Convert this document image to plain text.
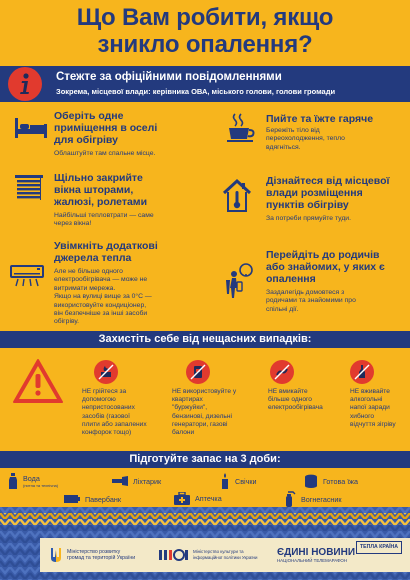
Що Вам робити, якщо
зникло опалення?
Стежте за офіційними повідомленнями
Зокрема, місцевої влади: керівника ОВА, міського голови, голови громади
Оберіть одне
приміщення в оселі
для обігріву
Облаштуйте там спальне місце.
Пийте та їжте гаряче
Бережіть тіло від
переохолодження, тепло
вдягніться.
Щільно закрийте
вікна шторами,
жалюзі, ролетами
Найбільші тепловтрати — саме
через вікна!
Дізнайтеся від місцевої
влади розміщення
пунктів обігріву
За потреби прямуйте туди.
Увімкніть додаткові
джерела тепла
Але не більше одного
електрообігрівача — може не
витримати мережа.
Якщо на вулиці вище за 0°C —
використовуйте кондиціонер,
він безпечніше за інші засоби
обігріву.
Перейдіть до родичів
або знайомих, у яких є
опалення
Заздалегідь домовтеся з
родичами та знайомими про
спільні дії.
Захистіть себе від нещасних випадків:
НЕ грійтеся за
допомогою
непристосованих
засобів (газової
плити або запалених
конфорок тощо)
НЕ використовуйте у
квартирах
"буржуйки",
бензинові, дизельні
генератори, газові
балони
НЕ вмикайте
більше одного
електрообігрівача
НЕ вживайте
алкогольні
напої заради
хибного
відчуття зігріву
Підготуйте запас на 3 доби:
Вода
(питна та технічна)	Ліхтарик	Свічки	Готова їжа
Павербанк	Аптечка	Вогнегасник
Міністерство розвитку
громад та територій України
Міністерство культури та
інформаційної політики України	ЄДИНІ НОВИНИ
НАЦІОНАЛЬНИЙ ТЕЛЕМАРАФОН
ТЕПЛА КРАЇНА
